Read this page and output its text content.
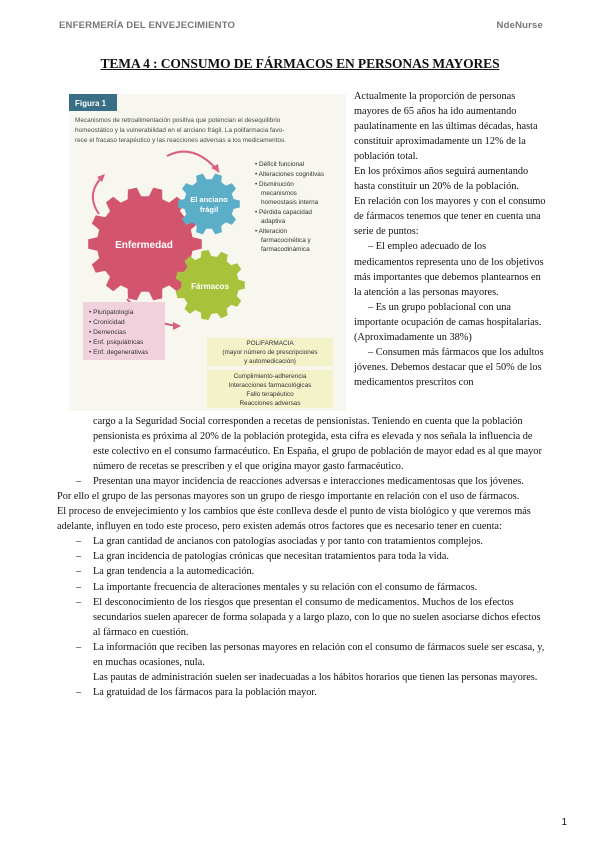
ENFERMERÍA DEL ENVEJECIMIENTO	NdeNurse
TEMA 4 : CONSUMO DE FÁRMACOS EN PERSONAS MAYORES
Figura 1
Mecanismos de retroalimentación positiva que potencian el desequilibrio
homeostático y la vulnerabilidad en el anciano frágil. La polifarmacia favo-
rece el fracaso terapéutico y las reacciones adversas a los medicamentos.
Enfermedad
El anciano
frágil
Fármacos
• Déficit funcional
• Alteraciones cognitivas
• Disminución
mecanismos
homeostasis interna
• Pérdida capacidad
adaptiva
• Alteración
farmacocinética y
farmacodinámica
• Pluripatología
• Cronicidad
• Demencias
• Enf. psiquiátricas
• Enf. degenerativas
POLIFARMACIA
(mayor número de prescripciones
y automedicación)
Cumplimiento-adherencia
Interacciones farmacológicas
Fallo terapéutico
Reacciones adversas

Actualmente la proporción de personas mayores de 65 años ha ido aumentando paulatinamente en las últimas décadas, hasta constituir aproximadamente un 12% de la población total.

En los próximos años seguirá aumentando hasta constituir un 20% de la población.

En relación con los mayores y con el consumo de fármacos tenemos que tener en cuenta una serie de puntos:

– El empleo adecuado de los medicamentos representa uno de los objetivos más importantes que debemos plantearnos en la atención a las personas mayores.

– Es un grupo poblacional con una importante ocupación de camas hospitalarias. (Aproximadamente un 38%)

– Consumen más fármacos que los adultos jóvenes. Debemos destacar que el 50% de los medicamentos prescritos con

cargo a la Seguridad Social corresponden a recetas de pensionistas. Teniendo en cuenta que la población pensionista es próxima al 20% de la población protegida, esta cifra es elevada y nos señala la influencia de este colectivo en el consumo farmacéutico. En España, el grupo de población de mayor edad es al que mayor número de recetas se prescriben y el que origina mayor gasto farmacéutico.

– Presentan una mayor incidencia de reacciones adversas e interacciones medicamentosas que los jóvenes.

Por ello el grupo de las personas mayores son un grupo de riesgo importante en relación con el uso de fármacos.

El proceso de envejecimiento y los cambios que éste conlleva desde el punto de vista biológico y que veremos más adelante, influyen en todo este proceso, pero existen además otros factores que es necesario tener en cuenta:

– La gran cantidad de ancianos con patologías asociadas y por tanto con tratamientos complejos.

– La gran incidencia de patologías crónicas que necesitan tratamientos para toda la vida.

– La gran tendencia a la automedicación.

– La importante frecuencia de alteraciones mentales y su relación con el consumo de fármacos.

– El desconocimiento de los riesgos que presentan el consumo de medicamentos. Muchos de los efectos secundarios suelen aparecer de forma solapada y a largo plazo, con lo que no suelen asociarse dichos efectos al fármaco en cuestión.

– La información que reciben las personas mayores en relación con el consumo de fármacos suele ser escasa, y, en muchas ocasiones, nula.

Las pautas de administración suelen ser inadecuadas a los hábitos horarios que tienen las personas mayores.

– La gratuidad de los fármacos para la población mayor.

1
